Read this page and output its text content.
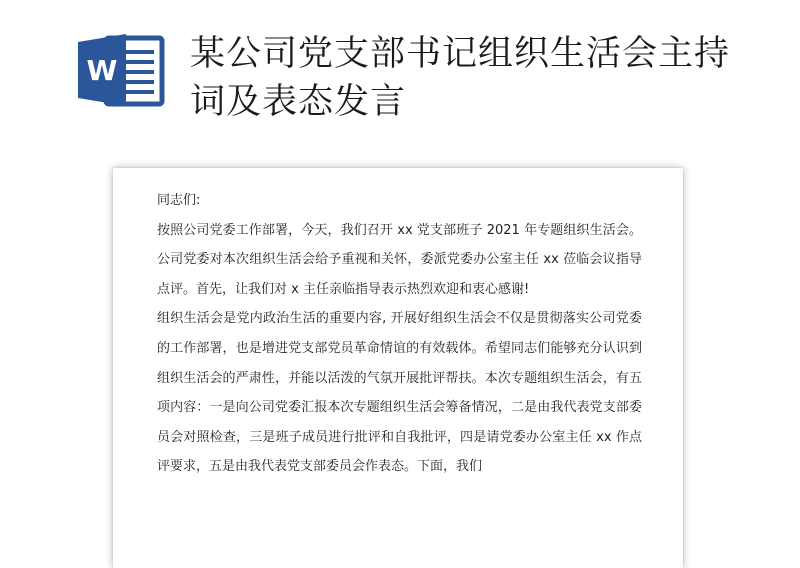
W 某公司党支部书记组织生活会主持词及表态发言

同志们:

按照公司党委工作部署，今天，我们召开 xx 党支部班子 2021 年专题组织生活会。公司党委对本次组织生活会给予重视和关怀，委派党委办公室主任 xx 莅临会议指导点评。首先，让我们对 x 主任亲临指导表示热烈欢迎和衷心感谢!

组织生活会是党内政治生活的重要内容, 开展好组织生活会不仅是贯彻落实公司党委的工作部署，也是增进党支部党员革命情谊的有效载体。希望同志们能够充分认识到组织生活会的严肃性，并能以活泼的气氛开展批评帮扶。本次专题组织生活会，有五项内容：一是向公司党委汇报本次专题组织生活会筹备情况，二是由我代表党支部委员会对照检查，三是班子成员进行批评和自我批评，四是请党委办公室主任 xx 作点评要求，五是由我代表党支部委员会作表态。下面，我们
